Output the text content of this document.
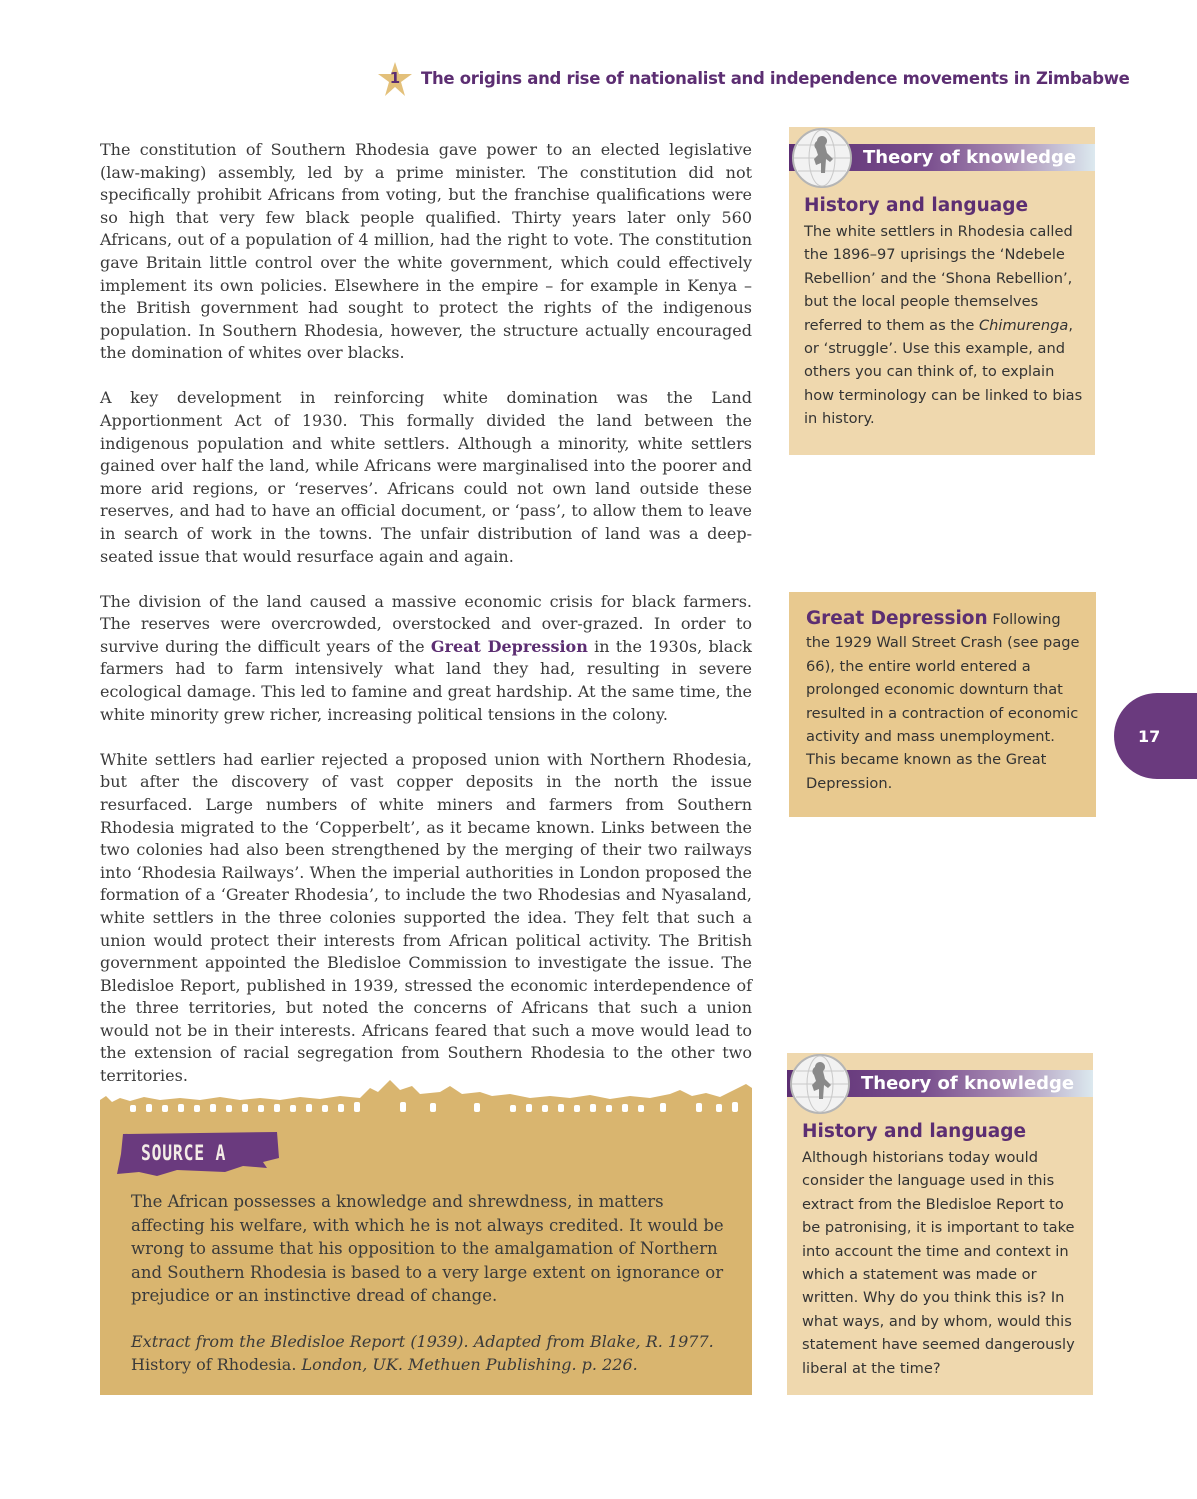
1 The origins and rise of nationalist and independence movements in Zimbabwe

The constitution of Southern Rhodesia gave power to an elected legislative (law-making) assembly, led by a prime minister. The constitution did not specifically prohibit Africans from voting, but the franchise qualifications were so high that very few black people qualified. Thirty years later only 560 Africans, out of a population of 4 million, had the right to vote. The constitution gave Britain little control over the white government, which could effectively implement its own policies. Elsewhere in the empire – for example in Kenya – the British government had sought to protect the rights of the indigenous population. In Southern Rhodesia, however, the structure actually encouraged the domination of whites over blacks.

A key development in reinforcing white domination was the Land Apportionment Act of 1930. This formally divided the land between the indigenous population and white settlers. Although a minority, white settlers gained over half the land, while Africans were marginalised into the poorer and more arid regions, or ‘reserves’. Africans could not own land outside these reserves, and had to have an official document, or ‘pass’, to allow them to leave in search of work in the towns. The unfair distribution of land was a deep-seated issue that would resurface again and again.

The division of the land caused a massive economic crisis for black farmers. The reserves were overcrowded, overstocked and over-grazed. In order to survive during the difficult years of the Great Depression in the 1930s, black farmers had to farm intensively what land they had, resulting in severe ecological damage. This led to famine and great hardship. At the same time, the white minority grew richer, increasing political tensions in the colony.

White settlers had earlier rejected a proposed union with Northern Rhodesia, but after the discovery of vast copper deposits in the north the issue resurfaced. Large numbers of white miners and farmers from Southern Rhodesia migrated to the ‘Copperbelt’, as it became known. Links between the two colonies had also been strengthened by the merging of their two railways into ‘Rhodesia Railways’. When the imperial authorities in London proposed the formation of a ‘Greater Rhodesia’, to include the two Rhodesias and Nyasaland, white settlers in the three colonies supported the idea. They felt that such a union would protect their interests from African political activity. The British government appointed the Bledisloe Commission to investigate the issue. The Bledisloe Report, published in 1939, stressed the economic interdependence of the three territories, but noted the concerns of Africans that such a union would not be in their interests. Africans feared that such a move would lead to the extension of racial segregation from Southern Rhodesia to the other two territories.

SOURCE A

The African possesses a knowledge and shrewdness, in matters affecting his welfare, with which he is not always credited. It would be wrong to assume that his opposition to the amalgamation of Northern and Southern Rhodesia is based to a very large extent on ignorance or prejudice or an instinctive dread of change.

Extract from the Bledisloe Report (1939). Adapted from Blake, R. 1977.
History of Rhodesia. London, UK. Methuen Publishing. p. 226.

Theory of knowledge
History and language

The white settlers in Rhodesia called the 1896–97 uprisings the ‘Ndebele Rebellion’ and the ‘Shona Rebellion’, but the local people themselves referred to them as the Chimurenga, or ‘struggle’. Use this example, and others you can think of, to explain how terminology can be linked to bias in history.

Great Depression Following the 1929 Wall Street Crash (see page 66), the entire world entered a prolonged economic downturn that resulted in a contraction of economic activity and mass unemployment. This became known as the Great Depression.

17
Theory of knowledge
History and language

Although historians today would consider the language used in this extract from the Bledisloe Report to be patronising, it is important to take into account the time and context in which a statement was made or written. Why do you think this is? In what ways, and by whom, would this statement have seemed dangerously liberal at the time?
